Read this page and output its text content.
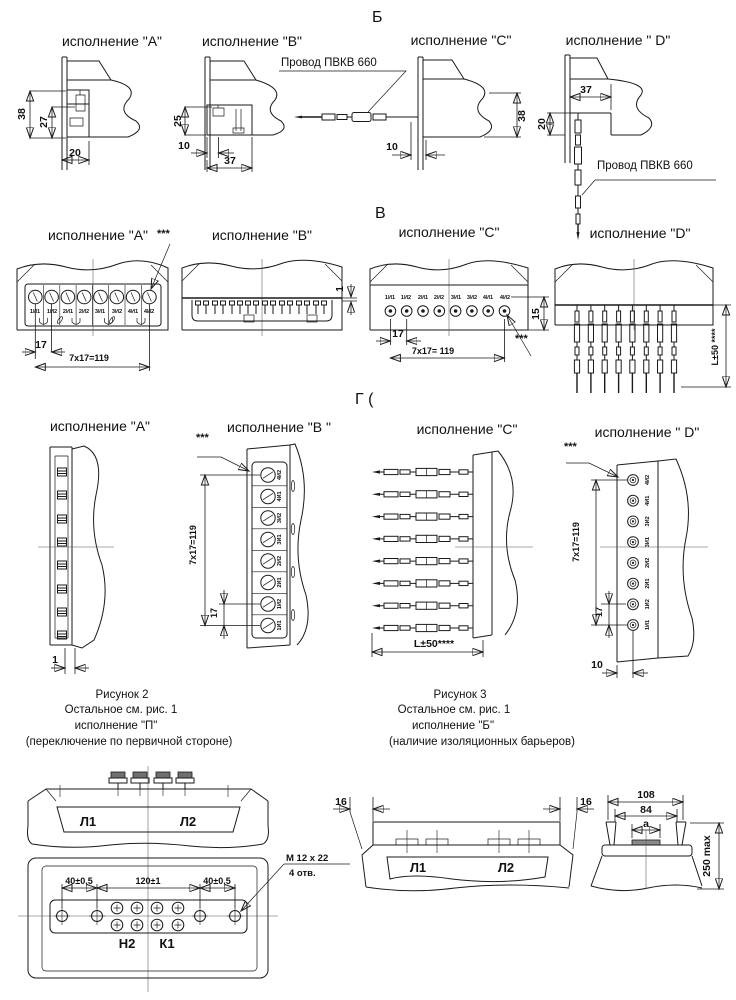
Б
В
Г (
исполнение "А"	исполнение "В"	исполнение "С"	исполнение " D"
38
27
20
25
10
37
Провод ПВКВ 660
38
10
37
20
Провод ПВКВ 660
исполнение "А" ***	исполнение "В"	исполнение "С"	исполнение "D"
1И1 1И2 2И1 2И2 3И1 3И2 4И1 4И2
17
7x17=119
1
1И1 1И2 2И1 2И2 3И1 3И2 4И1 4И2
15
17
7x17= 119
***	L±50 ****
исполнение "А"
***
исполнение "B "	исполнение "С"
***
исполнение " D"
1
1И1
1И2
2И1
2И2
3И1
3И2
4И1
4И2
7x17=119
17
L±50****
1И1
1И2
2И1
2И2
3И1
3И2
4И1
4И2
7x17=119
17
10
Рисунок 2
Остальное см. рис. 1
исполнение "П"
(переключение по первичной стороне)
Рисунок 3
Остальное см. рис. 1
исполнение "Б"
(наличие изоляционных барьеров)
Л1	Л2
Н2 К1
40±0,5	120±1	40±0,5
М 12 х 22
4 отв.
16	16
Л1	Л2
108
84
а
250 max
